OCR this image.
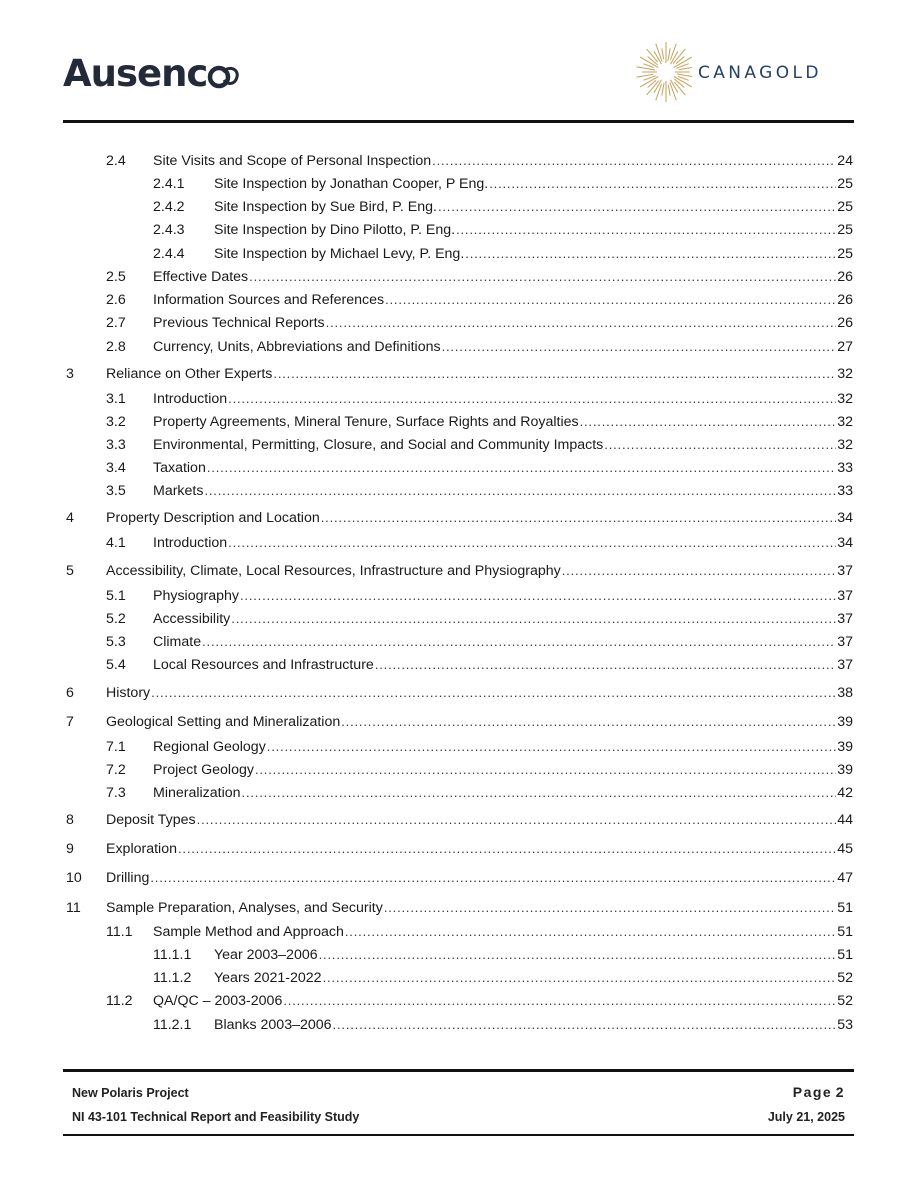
Ausenc	CANAGOLD
2.4 Site Visits and Scope of Personal Inspection . . .	24
2.4.1 Site Inspection by Jonathan Cooper, P Eng. . . .	25
2.4.2 Site Inspection by Sue Bird, P. Eng. . . .	25
2.4.3 Site Inspection by Dino Pilotto, P. Eng. . . .	25
2.4.4 Site Inspection by Michael Levy, P. Eng. . . .	25
2.5 Effective Dates . . .	26
2.6 Information Sources and References . . .	26
2.7 Previous Technical Reports . . .	26
2.8 Currency, Units, Abbreviations and Definitions . . .	27
3 Reliance on Other Experts . . .	32
3.1 Introduction . . .	32
3.2 Property Agreements, Mineral Tenure, Surface Rights and Royalties . . .	32
3.3 Environmental, Permitting, Closure, and Social and Community Impacts . . .	32
3.4 Taxation . . .	33
3.5 Markets . . .	33
4 Property Description and Location . . .	34
4.1 Introduction . . .	34
5 Accessibility, Climate, Local Resources, Infrastructure and Physiography . . .	37
5.1 Physiography . . .	37
5.2 Accessibility . . .	37
5.3 Climate . . .	37
5.4 Local Resources and Infrastructure . . .	37
6 History . . .	38
7 Geological Setting and Mineralization . . .	39
7.1 Regional Geology . . .	39
7.2 Project Geology . . .	39
7.3 Mineralization . . .	42
8 Deposit Types . . .	44
9 Exploration . . .	45
10 Drilling . . .	47
11 Sample Preparation, Analyses, and Security . . .	51
11.1 Sample Method and Approach . . .	51
11.1.1 Year 2003–2006 . . .	51
11.1.2 Years 2021-2022 . . .	52
11.2 QA/QC – 2003-2006 . . .	52
11.2.1 Blanks 2003–2006 . . .	53
New Polaris Project
NI 43-101 Technical Report and Feasibility Study
Page 2
July 21, 2025
